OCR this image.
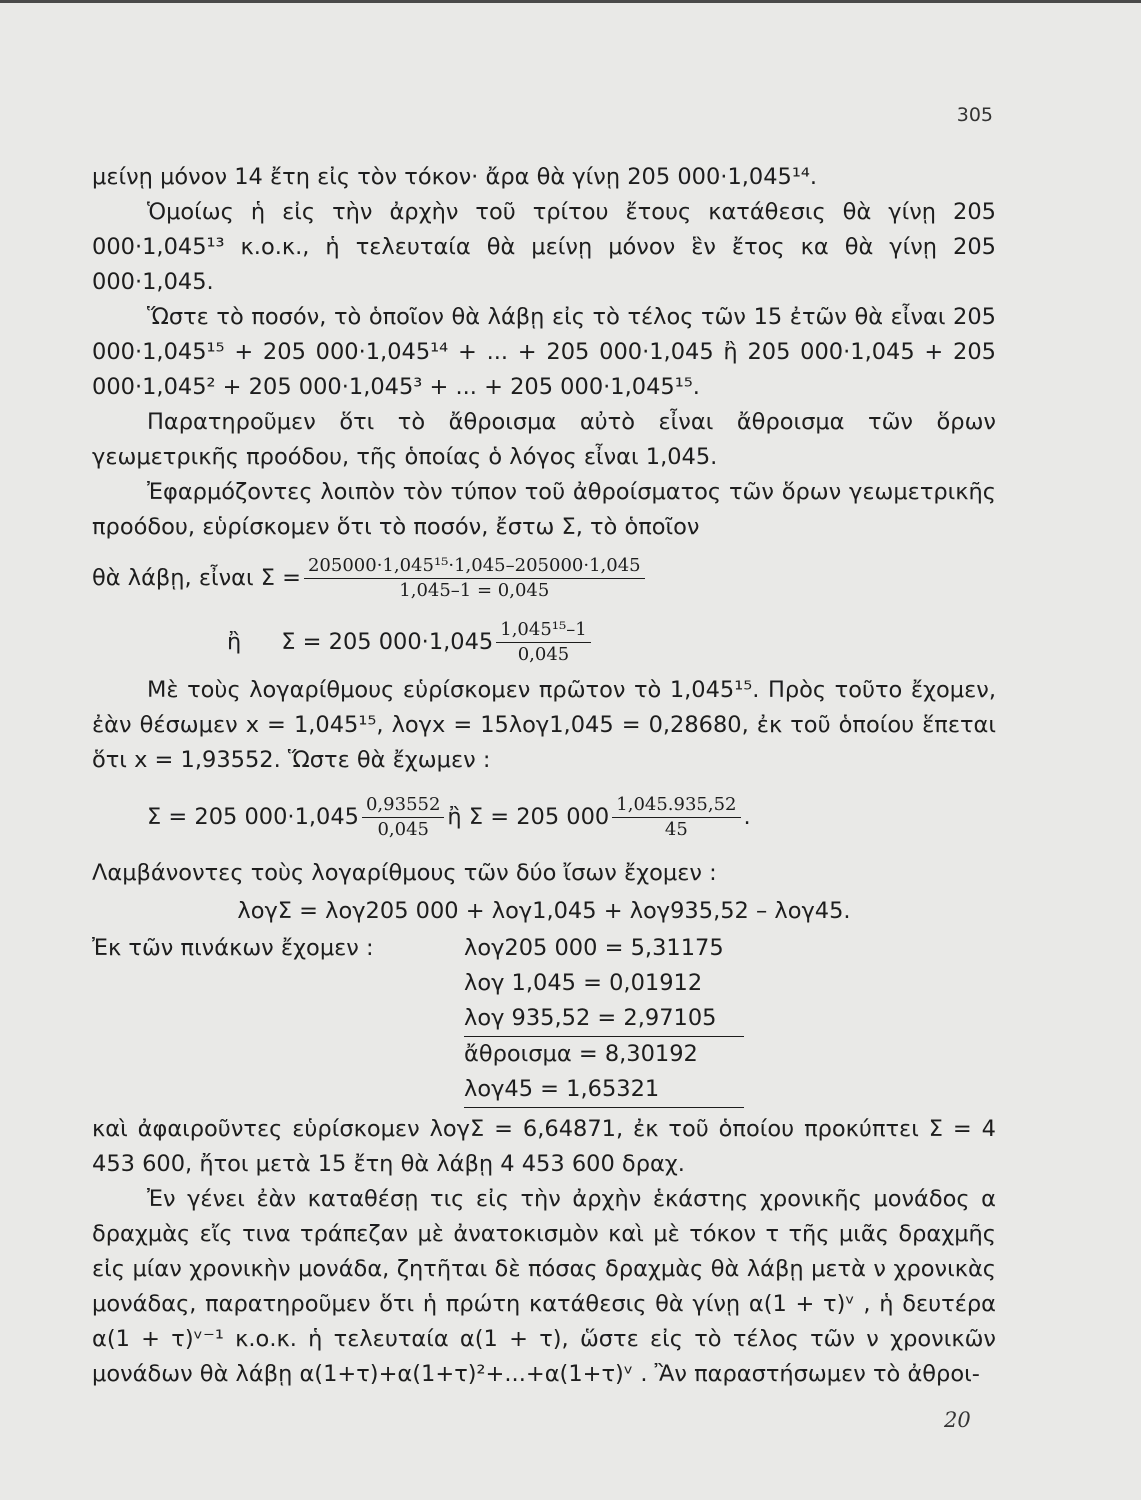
305

μείνῃ μόνον 14 ἔτη εἰς τὸν τόκον· ἄρα θὰ γίνῃ 205 000·1,045¹⁴.

Ὁμοίως ἡ εἰς τὴν ἀρχὴν τοῦ τρίτου ἔτους κατάθεσις θὰ γίνῃ 205 000·1,045¹³ κ.ο.κ., ἡ τελευταία θὰ μείνῃ μόνον ἓν ἔτος κα θὰ γίνῃ 205 000·1,045.

Ὥστε τὸ ποσόν, τὸ ὁποῖον θὰ λάβῃ εἰς τὸ τέλος τῶν 15 ἐτῶν θὰ εἶναι 205 000·1,045¹⁵ + 205 000·1,045¹⁴ + ... + 205 000·1,045 ἢ 205 000·1,045 + 205 000·1,045² + 205 000·1,045³ + ... + 205 000·1,045¹⁵.

Παρατηροῦμεν ὅτι τὸ ἄθροισμα αὐτὸ εἶναι ἄθροισμα τῶν ὅρων γεωμετρικῆς προόδου, τῆς ὁποίας ὁ λόγος εἶναι 1,045.

Ἐφαρμόζοντες λοιπὸν τὸν τύπον τοῦ ἀθροίσματος τῶν ὅρων γεωμετρικῆς προόδου, εὑρίσκομεν ὅτι τὸ ποσόν, ἔστω Σ, τὸ ὁποῖον

θὰ λάβῃ, εἶναι $\Sigma = \frac{\text{205000·1,045¹⁵·1,045–205000·1,045}}{1,045-1 = 0,045}$
ἢ Σ = 205 $000\cdot 1,045 \frac{\text{1,045¹⁵–1}}{0,045}$

Μὲ τοὺς λογαρίθμους εὑρίσκομεν πρῶτον τὸ 1,045¹⁵. Πρὸς τοῦτο ἔχομεν, ἐὰν θέσωμεν x = 1,045¹⁵, λογx = 15λογ1,045 = 0,28680, ἐκ τοῦ ὁποίου ἕπεται ὅτι x = 1,93552. Ὥστε θὰ ἔχωμεν :

Σ = 205 $000\cdot 1,045 \frac{0,93552}{0,045}$ ἢ Σ = 205 $000 \frac{1,045.935,52}{45}$ .

Λαμβάνοντες τοὺς λογαρίθμους τῶν δύο ἴσων ἔχομεν :

λογΣ = λογ205 000 + λογ1,045 + λογ935,52 – λογ45.
Ἐκ τῶν πινάκων ἔχομεν :	λογ205 000 = 5,31175
	λογ 1,045 = 0,01912
	λογ 935,52 = 2,97105
	ἄθροισμα = 8,30192
	λογ45 = 1,65321

καὶ ἀφαιροῦντες εὑρίσκομεν λογΣ = 6,64871, ἐκ τοῦ ὁποίου προκύπτει Σ = 4 453 600, ἤτοι μετὰ 15 ἔτη θὰ λάβῃ 4 453 600 δραχ.

Ἐν γένει ἐὰν καταθέσῃ τις εἰς τὴν ἀρχὴν ἑκάστης χρονικῆς μονάδος α δραχμὰς εἴς τινα τράπεζαν μὲ ἀνατοκισμὸν καὶ μὲ τόκον τ τῆς μιᾶς δραχμῆς εἰς μίαν χρονικὴν μονάδα, ζητῆται δὲ πόσας δραχμὰς θὰ λάβῃ μετὰ ν χρονικὰς μονάδας, παρατηροῦμεν ὅτι ἡ πρώτη κατάθεσις θὰ γίνῃ α(1 + τ)ᵛ , ἡ δευτέρα α(1 + τ)ᵛ⁻¹ κ.ο.κ. ἡ τελευταία α(1 + τ), ὥστε εἰς τὸ τέλος τῶν ν χρονικῶν μονάδων θὰ λάβῃ α(1+τ)+α(1+τ)²+...+α(1+τ)ᵛ . Ἂν παραστήσωμεν τὸ ἀθροι-

20
